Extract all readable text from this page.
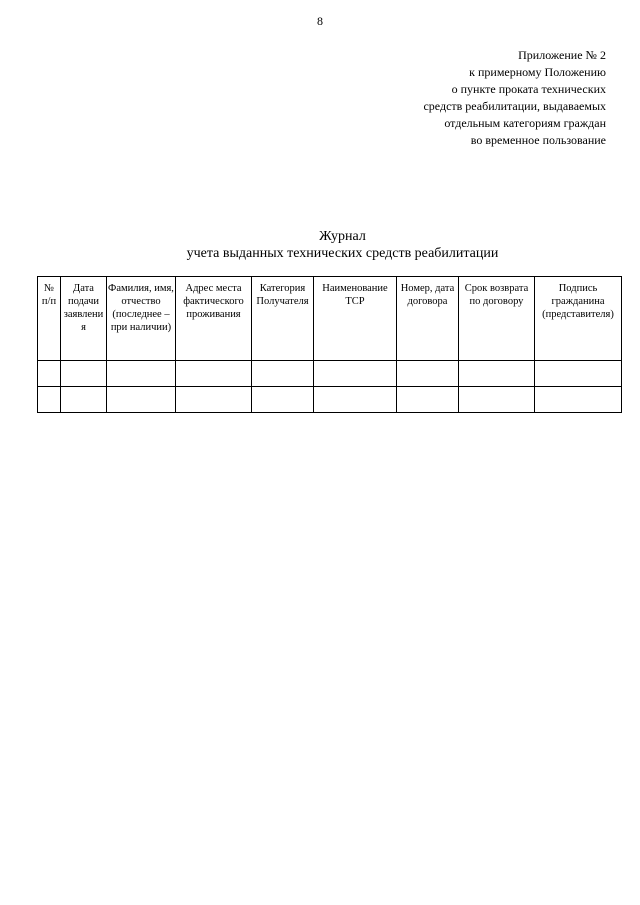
8
Приложение № 2
к примерному Положению
о пункте проката технических
средств реабилитации, выдаваемых
отдельным категориям граждан
во временное пользование
Журнал
учета выданных технических средств реабилитации
№ п/п	Дата подачи заявления	Фамилия, имя, отчество (последнее – при наличии)	Адрес места фактического проживания	Категория Получателя	Наименование ТСР	Номер, дата договора	Срок возврата по договору	Подпись гражданина (представителя)
